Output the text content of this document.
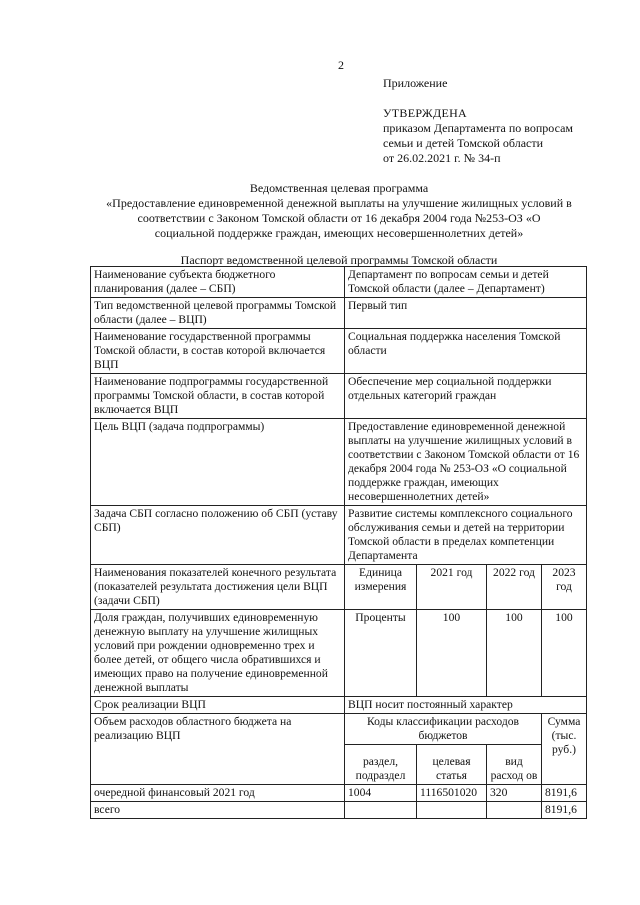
2
Приложение
УТВЕРЖДЕНА
приказом Департамента по вопросам
семьи и детей Томской области
от 26.02.2021 г. № 34-п
Ведомственная целевая программа
«Предоставление единовременной денежной выплаты на улучшение жилищных условий в
соответствии с Законом Томской области от 16 декабря 2004 года №253-ОЗ «О
социальной поддержке граждан, имеющих несовершеннолетних детей»
Паспорт ведомственной целевой программы Томской области
Наименование субъекта бюджетного планирования (далее – СБП)	Департамент по вопросам семьи и детей Томской области (далее – Департамент)			
Тип ведомственной целевой программы Томской области (далее – ВЦП)	Первый тип			
Наименование государственной программы Томской области, в состав которой включается ВЦП	Социальная поддержка населения Томской области			
Наименование подпрограммы государственной программы Томской области, в состав которой включается ВЦП	Обеспечение мер социальной поддержки отдельных категорий граждан			
Цель ВЦП (задача подпрограммы)	Предоставление единовременной денежной выплаты на улучшение жилищных условий в соответствии с Законом Томской области от 16 декабря 2004 года № 253-ОЗ «О социальной поддержке граждан, имеющих несовершеннолетних детей»			
Задача СБП согласно положению об СБП (уставу СБП)	Развитие системы комплексного социального обслуживания семьи и детей на территории Томской области в пределах компетенции Департамента			
Наименования показателей конечного результата (показателей результата достижения цели ВЦП (задачи СБП)	Единица измерения	2021 год	2022 год	2023 год
Доля граждан, получивших единовременную денежную выплату на улучшение жилищных условий при рождении одновременно трех и более детей, от общего числа обратившихся и имеющих право на получение единовременной денежной выплаты	Проценты	100	100	100
Срок реализации ВЦП	ВЦП носит постоянный характер			
Объем расходов областного бюджета на реализацию ВЦП	Коды классификации расходов бюджетов			Сумма (тыс. руб.)
	раздел, подраздел	целевая статья	вид расход ов	
очередной финансовый 2021 год	1004	1116501020	320	8191,6
всего				8191,6
